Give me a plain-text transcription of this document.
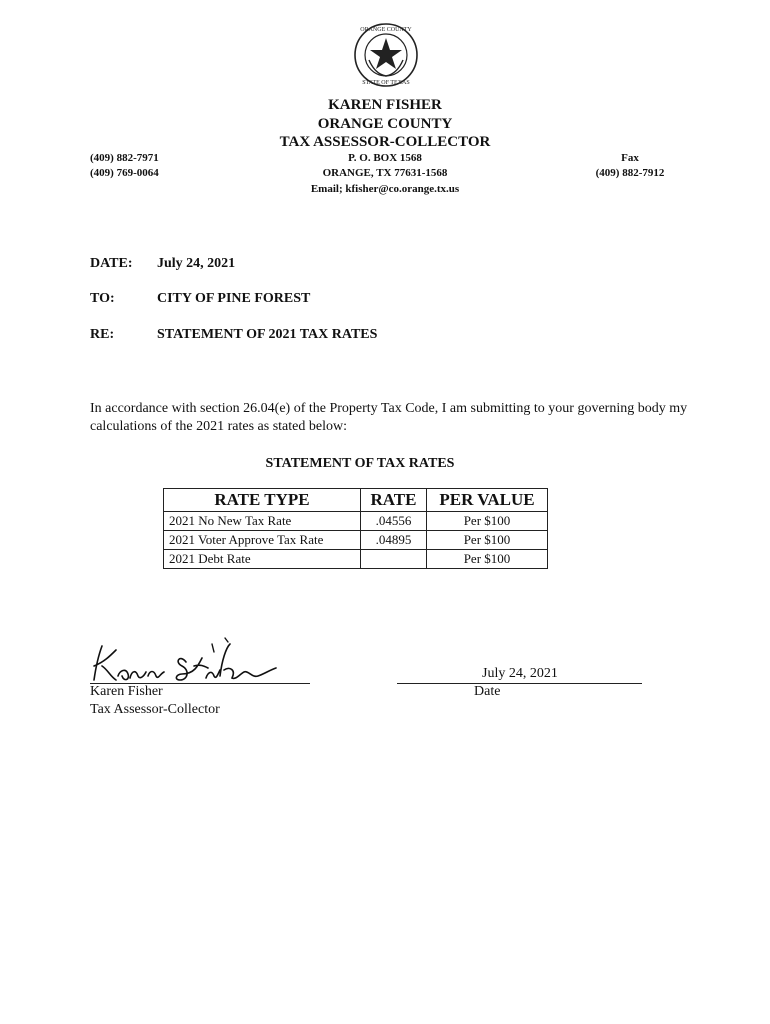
ORANGE COUNTY
STATE OF TEXAS
KAREN FISHER
ORANGE COUNTY
TAX ASSESSOR-COLLECTOR
P. O. BOX 1568
ORANGE, TX 77631-1568
Email; kfisher@co.orange.tx.us
(409) 882-7971
(409) 769-0064
Fax
(409) 882-7912
DATE: July 24, 2021
TO:	CITY OF PINE FOREST
RE:	STATEMENT OF 2021 TAX RATES
In accordance with section 26.04(e) of the Property Tax Code, I am submitting to your governing body my calculations of the 2021 rates as stated below:
STATEMENT OF TAX RATES
RATE TYPE	RATE	PER VALUE
2021 No New Tax Rate	.04556	Per $100
2021 Voter Approve Tax Rate	.04895	Per $100
2021 Debt Rate		Per $100
Karen Fisher
Tax Assessor-Collector
July 24, 2021
Date
